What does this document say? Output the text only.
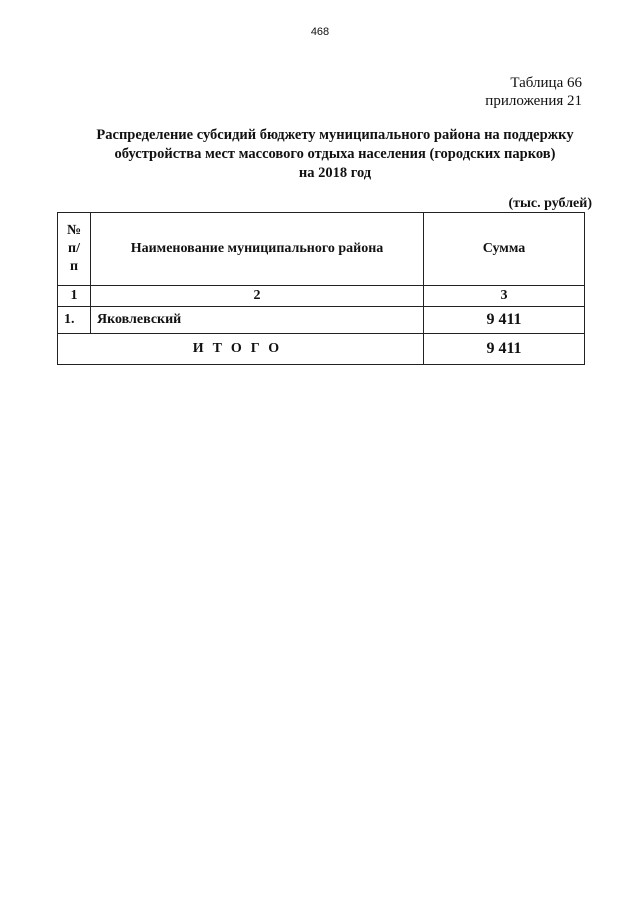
468
Таблица 66
приложения 21
Распределение субсидий бюджету муниципального района на поддержку
обустройства мест массового отдыха населения (городских парков)
на 2018 год
(тыс. рублей)
№
п/п	Наименование муниципального района	Сумма
1	2	3
1.	Яковлевский	9 411
ИТОГО		9 411
